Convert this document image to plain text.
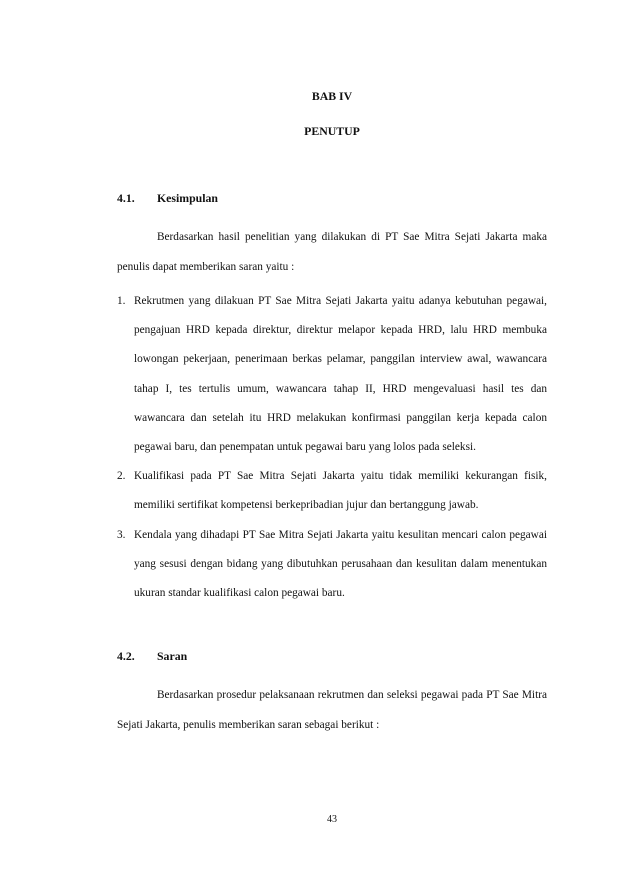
BAB IV
PENUTUP
4.1. Kesimpulan

Berdasarkan hasil penelitian yang dilakukan di PT Sae Mitra Sejati Jakarta maka penulis dapat memberikan saran yaitu :

1. Rekrutmen yang dilakuan PT Sae Mitra Sejati Jakarta yaitu adanya kebutuhan pegawai, pengajuan HRD kepada direktur, direktur melapor kepada HRD, lalu HRD membuka lowongan pekerjaan, penerimaan berkas pelamar, panggilan interview awal, wawancara tahap I, tes tertulis umum, wawancara tahap II, HRD mengevaluasi hasil tes dan wawancara dan setelah itu HRD melakukan konfirmasi panggilan kerja kepada calon pegawai baru, dan penempatan untuk pegawai baru yang lolos pada seleksi.
2. Kualifikasi pada PT Sae Mitra Sejati Jakarta yaitu tidak memiliki kekurangan fisik, memiliki sertifikat kompetensi berkepribadian jujur dan bertanggung jawab.
3. Kendala yang dihadapi PT Sae Mitra Sejati Jakarta yaitu kesulitan mencari calon pegawai yang sesusi dengan bidang yang dibutuhkan perusahaan dan kesulitan dalam menentukan ukuran standar kualifikasi calon pegawai baru.
4.2. Saran

Berdasarkan prosedur pelaksanaan rekrutmen dan seleksi pegawai pada PT Sae Mitra Sejati Jakarta, penulis memberikan saran sebagai berikut :

43
